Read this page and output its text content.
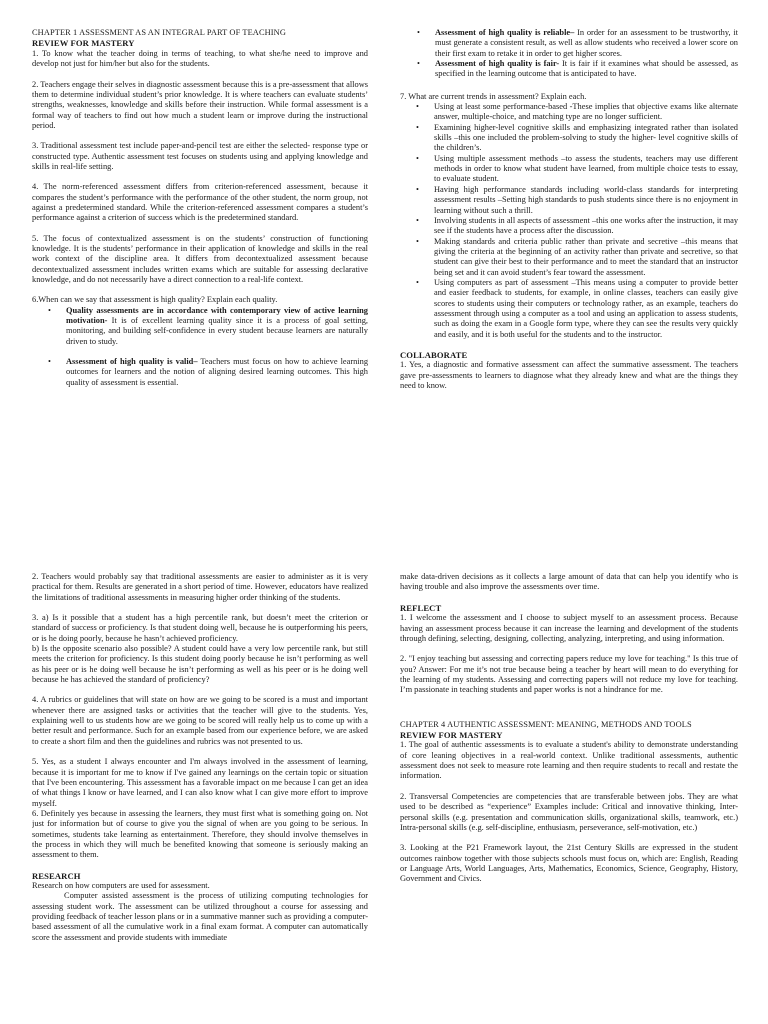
CHAPTER 1 ASSESSMENT AS AN INTEGRAL PART OF TEACHING

REVIEW FOR MASTERY

1. To know what the teacher doing in terms of teaching, to what she/he need to improve and develop not just for him/her but also for the students.

2. Teachers engage their selves in diagnostic assessment because this is a pre-assessment that allows them to determine individual student’s prior knowledge. It is where teachers can evaluate students’ strengths, weaknesses, knowledge and skills before their instruction. While formal assessment is a formal way of teachers to find out how much a student learn or improve during the instructional period.

3. Traditional assessment test include paper-and-pencil test are either the selected- response type or constructed type. Authentic assessment test focuses on students using and applying knowledge and skills in real-life setting.

4. The norm-referenced assessment differs from criterion-referenced assessment, because it compares the student’s performance with the performance of the other student, the norm group, not against a predetermined standard. While the criterion-referenced assessment compares a student’s performance against a criterion of success which is the predetermined standard.

5. The focus of contextualized assessment is on the students’ construction of functioning knowledge. It is the students’ performance in their application of knowledge and skills in the real work context of the discipline area. It differs from decontextualized assessment because decontextualized assessment includes written exams which are suitable for assessing declarative knowledge, and do not necessarily have a direct connection to a real-life context.

6.When can we say that assessment is high quality? Explain each quality.

• Quality assessments are in accordance with contemporary view of active learning motivation- It is of excellent learning quality since it is a process of goal setting, monitoring, and building self-confidence in every student because learners are naturally driven to study.
• Assessment of high quality is valid– Teachers must focus on how to achieve learning outcomes for learners and the notion of aligning desired learning outcomes. This high quality of assessment is essential.
• Assessment of high quality is reliable– In order for an assessment to be trustworthy, it must generate a consistent result, as well as allow students who received a lower score on their first exam to retake it in order to get higher scores.
• Assessment of high quality is fair- It is fair if it examines what should be assessed, as specified in the learning outcome that is anticipated to have.

7. What are current trends in assessment? Explain each.

• Using at least some performance-based -These implies that objective exams like alternate answer, multiple-choice, and matching type are no longer sufficient.
• Examining higher-level cognitive skills and emphasizing integrated rather than isolated skills –this one included the problem-solving to study the higher- level cognitive skills of the children’s.
• Using multiple assessment methods –to assess the students, teachers may use different methods in order to know what student have learned, from multiple choice tests to essay, to evaluate student.
• Having high performance standards including world-class standards for interpreting assessment results –Setting high standards to push students since there is no enjoyment in learning without such a thrill.
• Involving students in all aspects of assessment –this one works after the instruction, it may see if the students have a process after the discussion.
• Making standards and criteria public rather than private and secretive –this means that giving the criteria at the beginning of an activity rather than private and secretive, so that student can give their best to their performance and to meet the standard that an instructor being set and it can avoid student’s fear toward the assessment.
• Using computers as part of assessment –This means using a computer to provide better and easier feedback to students, for example, in online classes, teachers can easily give scores to students using their computers or technology rather, as an example, teachers do assessment through using a computer as a tool and using an application to assess students, such as doing the exam in a Google form type, where they can see the results very quickly and easily, and it is both useful for the students and to the instructor.

COLLABORATE

1. Yes, a diagnostic and formative assessment can affect the summative assessment. The teachers gave pre-assessments to learners to diagnose what they already knew and what are the things they need to know.

2. Teachers would probably say that traditional assessments are easier to administer as it is very practical for them. Results are generated in a short period of time. However, educators have realized the limitations of traditional assessments in measuring higher order thinking of the students.

3. a) Is it possible that a student has a high percentile rank, but doesn’t meet the criterion or standard of success or proficiency. Is that student doing well, because he is outperforming his peers, or is he doing poorly, because he hasn’t achieved proficiency.

b) Is the opposite scenario also possible? A student could have a very low percentile rank, but still meets the criterion for proficiency. Is this student doing poorly because he isn’t performing as well as his peer or is he doing well because he isn’t performing as well as his peer or is he doing well because he has achieved the standard of proficiency?

4. A rubrics or guidelines that will state on how are we going to be scored is a must and important whenever there are assigned tasks or activities that the teacher will give to the students. Yes, explaining well to us students how are we going to be scored will really help us to come up with a better result and performance. Such for an example based from our experience before, we are asked to create a short film and then the guidelines and rubrics was not presented to us.

5. Yes, as a student I always encounter and I'm always involved in the assessment of learning, because it is important for me to know if I've gained any learnings on the certain topic or situation that I've been encountering. This assessment has a favorable impact on me because I can get an idea of what things I know or have learned, and I can also know what I can give more effort to improve myself.

6. Definitely yes because in assessing the learners, they must first what is something going on. Not just for information but of course to give you the signal of when are you going to be serious. In sometimes, students take learning as entertainment. Therefore, they should involve themselves in the process in which they will much be benefited knowing that someone is seriously making an assessment to them.

RESEARCH

Research on how computers are used for assessment.

Computer assisted assessment is the process of utilizing computing technologies for assessing student work. The assessment can be utilized throughout a course for assessing and providing feedback of teacher lesson plans or in a summative manner such as providing a computer-based assessment of all the cumulative work in a final exam format. A computer can automatically score the assessment and provide students with immediate

make data-driven decisions as it collects a large amount of data that can help you identify who is having trouble and also improve the assessments over time.

REFLECT

1. I welcome the assessment and I choose to subject myself to an assessment process. Because having an assessment process because it can increase the learning and development of the students through defining, selecting, designing, collecting, analyzing, interpreting, and using information.

2. "I enjoy teaching but assessing and correcting papers reduce my love for teaching." Is this true of you? Answer: For me it’s not true because being a teacher by heart will mean to do everything for the learning of my students. Assessing and correcting papers will not reduce my love for teaching. I’m passionate in teaching students and paper works is not a hindrance for me.

CHAPTER 4 AUTHENTIC ASSESSMENT: MEANING, METHODS AND TOOLS

REVIEW FOR MASTERY

1. The goal of authentic assessments is to evaluate a student's ability to demonstrate understanding of core leaning objectives in a real-world context. Unlike traditional assessments, authentic assessment does not seek to measure rote learning and then require students to recall and restate the information.

2. Transversal Competencies are competencies that are transferable between jobs. They are what used to be described as “experience” Examples include: Critical and innovative thinking, Inter-personal skills (e.g. presentation and communication skills, organizational skills, teamwork, etc.) Intra-personal skills (e.g. self-discipline, enthusiasm, perseverance, self-motivation, etc.)

3. Looking at the P21 Framework layout, the 21st Century Skills are expressed in the student outcomes rainbow together with those subjects schools must focus on, which are: English, Reading or Language Arts, World Languages, Arts, Mathematics, Economics, Science, Geography, History, Government and Civics.
